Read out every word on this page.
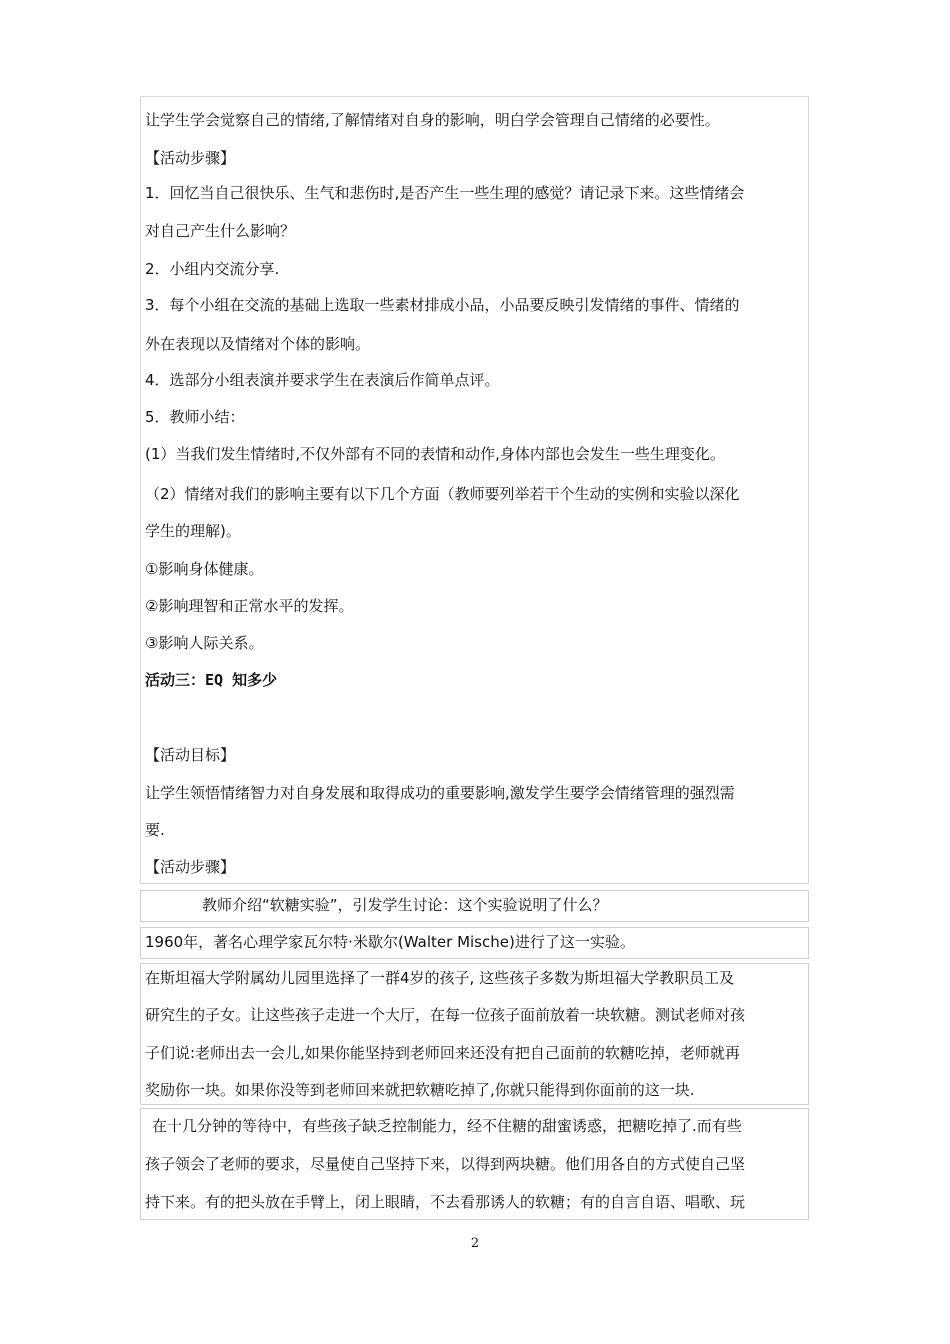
让学生学会觉察自己的情绪,了解情绪对自身的影响，明白学会管理自己情绪的必要性。
【活动步骤】
1．回忆当自己很快乐、生气和悲伤时,是否产生一些生理的感觉？请记录下来。这些情绪会
对自己产生什么影响？
2．小组内交流分享.
3．每个小组在交流的基础上选取一些素材排成小品，小品要反映引发情绪的事件、情绪的
外在表现以及情绪对个体的影响。
4．选部分小组表演并要求学生在表演后作简单点评。
5．教师小结：
(1）当我们发生情绪时,不仅外部有不同的表情和动作,身体内部也会发生一些生理变化。
（2）情绪对我们的影响主要有以下几个方面（教师要列举若干个生动的实例和实验以深化
学生的理解)。
①影响身体健康。
②影响理智和正常水平的发挥。
③影响人际关系。
活动三：EQ 知多少
【活动目标】
让学生领悟情绪智力对自身发展和取得成功的重要影响,激发学生要学会情绪管理的强烈需
要.
【活动步骤】
教师介绍“软糖实验”，引发学生讨论：这个实验说明了什么？
1960年，著名心理学家瓦尔特·米歇尔(Walter Mische)进行了这一实验。
在斯坦福大学附属幼儿园里选择了一群4岁的孩子, 这些孩子多数为斯坦福大学教职员工及
研究生的子女。让这些孩子走进一个大厅，在每一位孩子面前放着一块软糖。测试老师对孩
子们说:老师出去一会儿,如果你能坚持到老师回来还没有把自己面前的软糖吃掉，老师就再
奖励你一块。如果你没等到老师回来就把软糖吃掉了,你就只能得到你面前的这一块.
在十几分钟的等待中，有些孩子缺乏控制能力，经不住糖的甜蜜诱惑，把糖吃掉了.而有些
孩子领会了老师的要求，尽量使自己坚持下来，以得到两块糖。他们用各自的方式使自己坚
持下来。有的把头放在手臂上，闭上眼睛，不去看那诱人的软糖；有的自言自语、唱歌、玩
2
